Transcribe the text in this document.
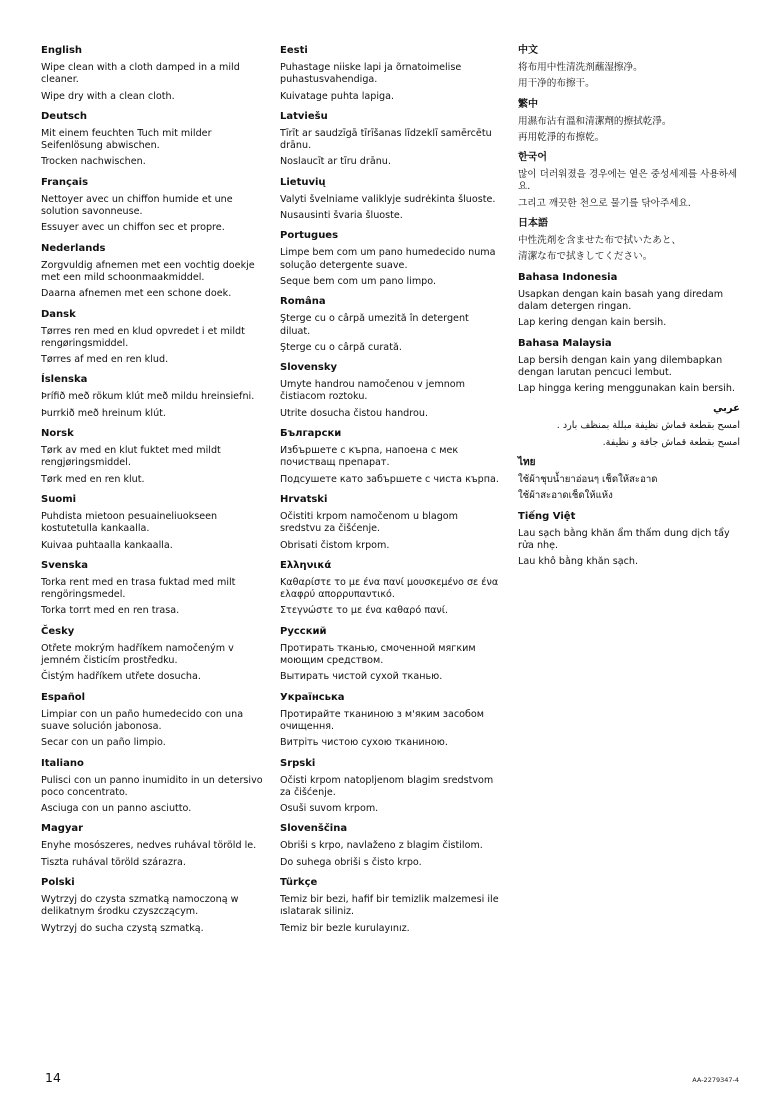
English

Wipe clean with a cloth damped in a mild cleaner.

Wipe dry with a clean cloth.

Deutsch

Mit einem feuchten Tuch mit milder Seifenlösung abwischen.

Trocken nachwischen.

Français

Nettoyer avec un chiffon humide et une solution savonneuse.

Essuyer avec un chiffon sec et propre.

Nederlands

Zorgvuldig afnemen met een vochtig doekje met een mild schoonmaakmiddel.

Daarna afnemen met een schone doek.

Dansk

Tørres ren med en klud opvredet i et mildt rengøringsmiddel.

Tørres af med en ren klud.

Íslenska

Þrífið með rökum klút með mildu hreinsiefni.

Þurrkið með hreinum klút.

Norsk

Tørk av med en klut fuktet med mildt rengjøringsmiddel.

Tørk med en ren klut.

Suomi

Puhdista mietoon pesuaineliuokseen kostutetulla kankaalla.

Kuivaa puhtaalla kankaalla.

Svenska

Torka rent med en trasa fuktad med milt rengöringsmedel.

Torka torrt med en ren trasa.

Česky

Otřete mokrým hadříkem namočeným v jemném čisticím prostředku.

Čistým hadříkem utřete dosucha.

Español

Limpiar con un paño humedecido con una suave solución jabonosa.

Secar con un paño limpio.

Italiano

Pulisci con un panno inumidito in un detersivo poco concentrato.

Asciuga con un panno asciutto.

Magyar

Enyhe mosószeres, nedves ruhával töröld le.

Tiszta ruhával töröld szárazra.

Polski

Wytrzyj do czysta szmatką namoczoną w delikatnym środku czyszczącym.

Wytrzyj do sucha czystą szmatką.

Eesti

Puhastage niiske lapi ja õrnatoimelise puhastusvahendiga.

Kuivatage puhta lapiga.

Latviešu

Tīrīt ar saudzīgā tīrīšanas līdzeklī samērcētu drānu.

Noslaucīt ar tīru drānu.

Lietuvių

Valyti švelniame valiklyje sudrėkinta šluoste.

Nusausinti švaria šluoste.

Portugues

Limpe bem com um pano humedecido numa solução detergente suave.

Seque bem com um pano limpo.

Româna

Şterge cu o cârpă umezită în detergent diluat.

Şterge cu o cârpă curată.

Slovensky

Umyte handrou namočenou v jemnom čistiacom roztoku.

Utrite dosucha čistou handrou.

Български

Избършете с кърпа, напоена с мек почистващ препарат.

Подсушете като забършете с чиста кърпа.

Hrvatski

Očistiti krpom namočenom u blagom sredstvu za čišćenje.

Obrisati čistom krpom.

Ελληνικά

Καθαρίστε το με ένα πανί μουσκεμένο σε ένα ελαφρύ απορρυπαντικό.

Στεγνώστε το με ένα καθαρό πανί.

Русский

Протирать тканью, смоченной мягким моющим средством.

Вытирать чистой сухой тканью.

Українська

Протирайте тканиною з м'яким засобом очищення.

Витріть чистою сухою тканиною.

Srpski

Očisti krpom natopljenom blagim sredstvom za čišćenje.

Osuši suvom krpom.

Slovenščina

Obriši s krpo, navlaženo z blagim čistilom.

Do suhega obriši s čisto krpo.

Türkçe

Temiz bir bezi, hafif bir temizlik malzemesi ile ıslatarak siliniz.

Temiz bir bezle kurulayınız.

中文

将布用中性清洗剂蘸湿擦净。

用干净的布擦干。

繁中

用濕布沾有溫和清潔劑的擦拭乾淨。

再用乾淨的布擦乾。

한국어

많이 더러워졌을 경우에는 옅은 중성세제를 사용하세요.

그리고 깨끗한 천으로 물기를 닦아주세요.

日本語

中性洗剤を含ませた布で拭いたあと、

清潔な布で拭きしてください。

Bahasa Indonesia

Usapkan dengan kain basah yang diredam dalam detergen ringan.

Lap kering dengan kain bersih.

Bahasa Malaysia

Lap bersih dengan kain yang dilembapkan dengan larutan pencuci lembut.

Lap hingga kering menggunakan kain bersih.

عربي

امسح بقطعة قماش نظيفة مبللة بمنظف بارد .

امسح بقطعة قماش جافة و نظيفة.

ไทย

ใช้ผ้าชุบน้ำยาอ่อนๆ เช็ดให้สะอาด

ใช้ผ้าสะอาดเช็ดให้แห้ง

Tiếng Việt

Lau sạch bằng khăn ẩm thấm dung dịch tẩy rửa nhẹ.

Lau khô bằng khăn sạch.

14	AA-2279347-4
